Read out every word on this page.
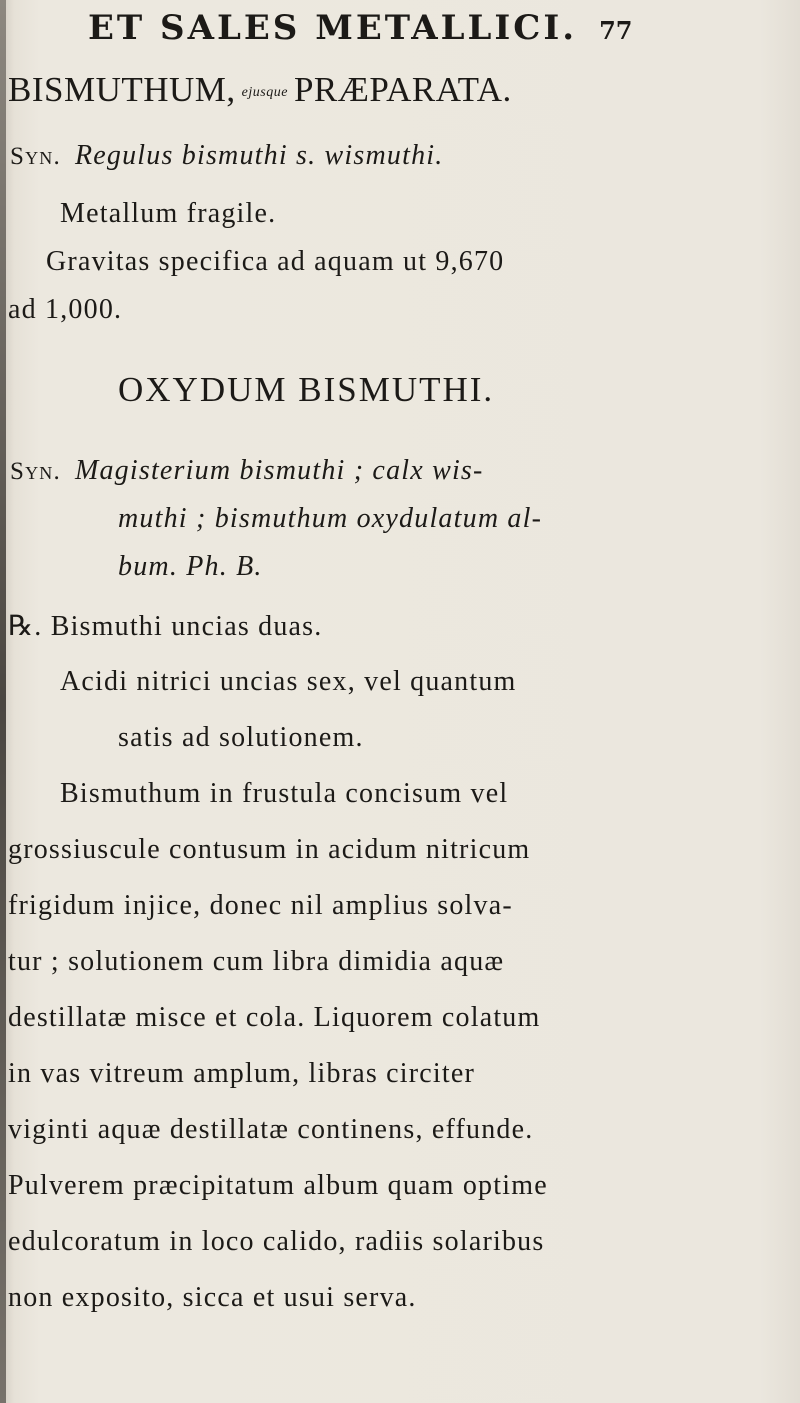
ET SALES METALLICI. 77
BISMUTHUM, ejusque PRÆPARATA.
Syn. Regulus bismuthi s. wismuthi.
Metallum fragile.
Gravitas specifica ad aquam ut 9,670
ad 1,000.
OXYDUM BISMUTHI.
Syn. Magisterium bismuthi ; calx wis-
muthi ; bismuthum oxydulatum al-
bum. Ph. B.
℞. Bismuthi uncias duas.
Acidi nitrici uncias sex, vel quantum
satis ad solutionem.
Bismuthum in frustula concisum vel
grossiuscule contusum in acidum nitricum
frigidum injice, donec nil amplius solva-
tur ; solutionem cum libra dimidia aquæ
destillatæ misce et cola. Liquorem colatum
in vas vitreum amplum, libras circiter
viginti aquæ destillatæ continens, effunde.
Pulverem præcipitatum album quam optime
edulcoratum in loco calido, radiis solaribus
non exposito, sicca et usui serva.
